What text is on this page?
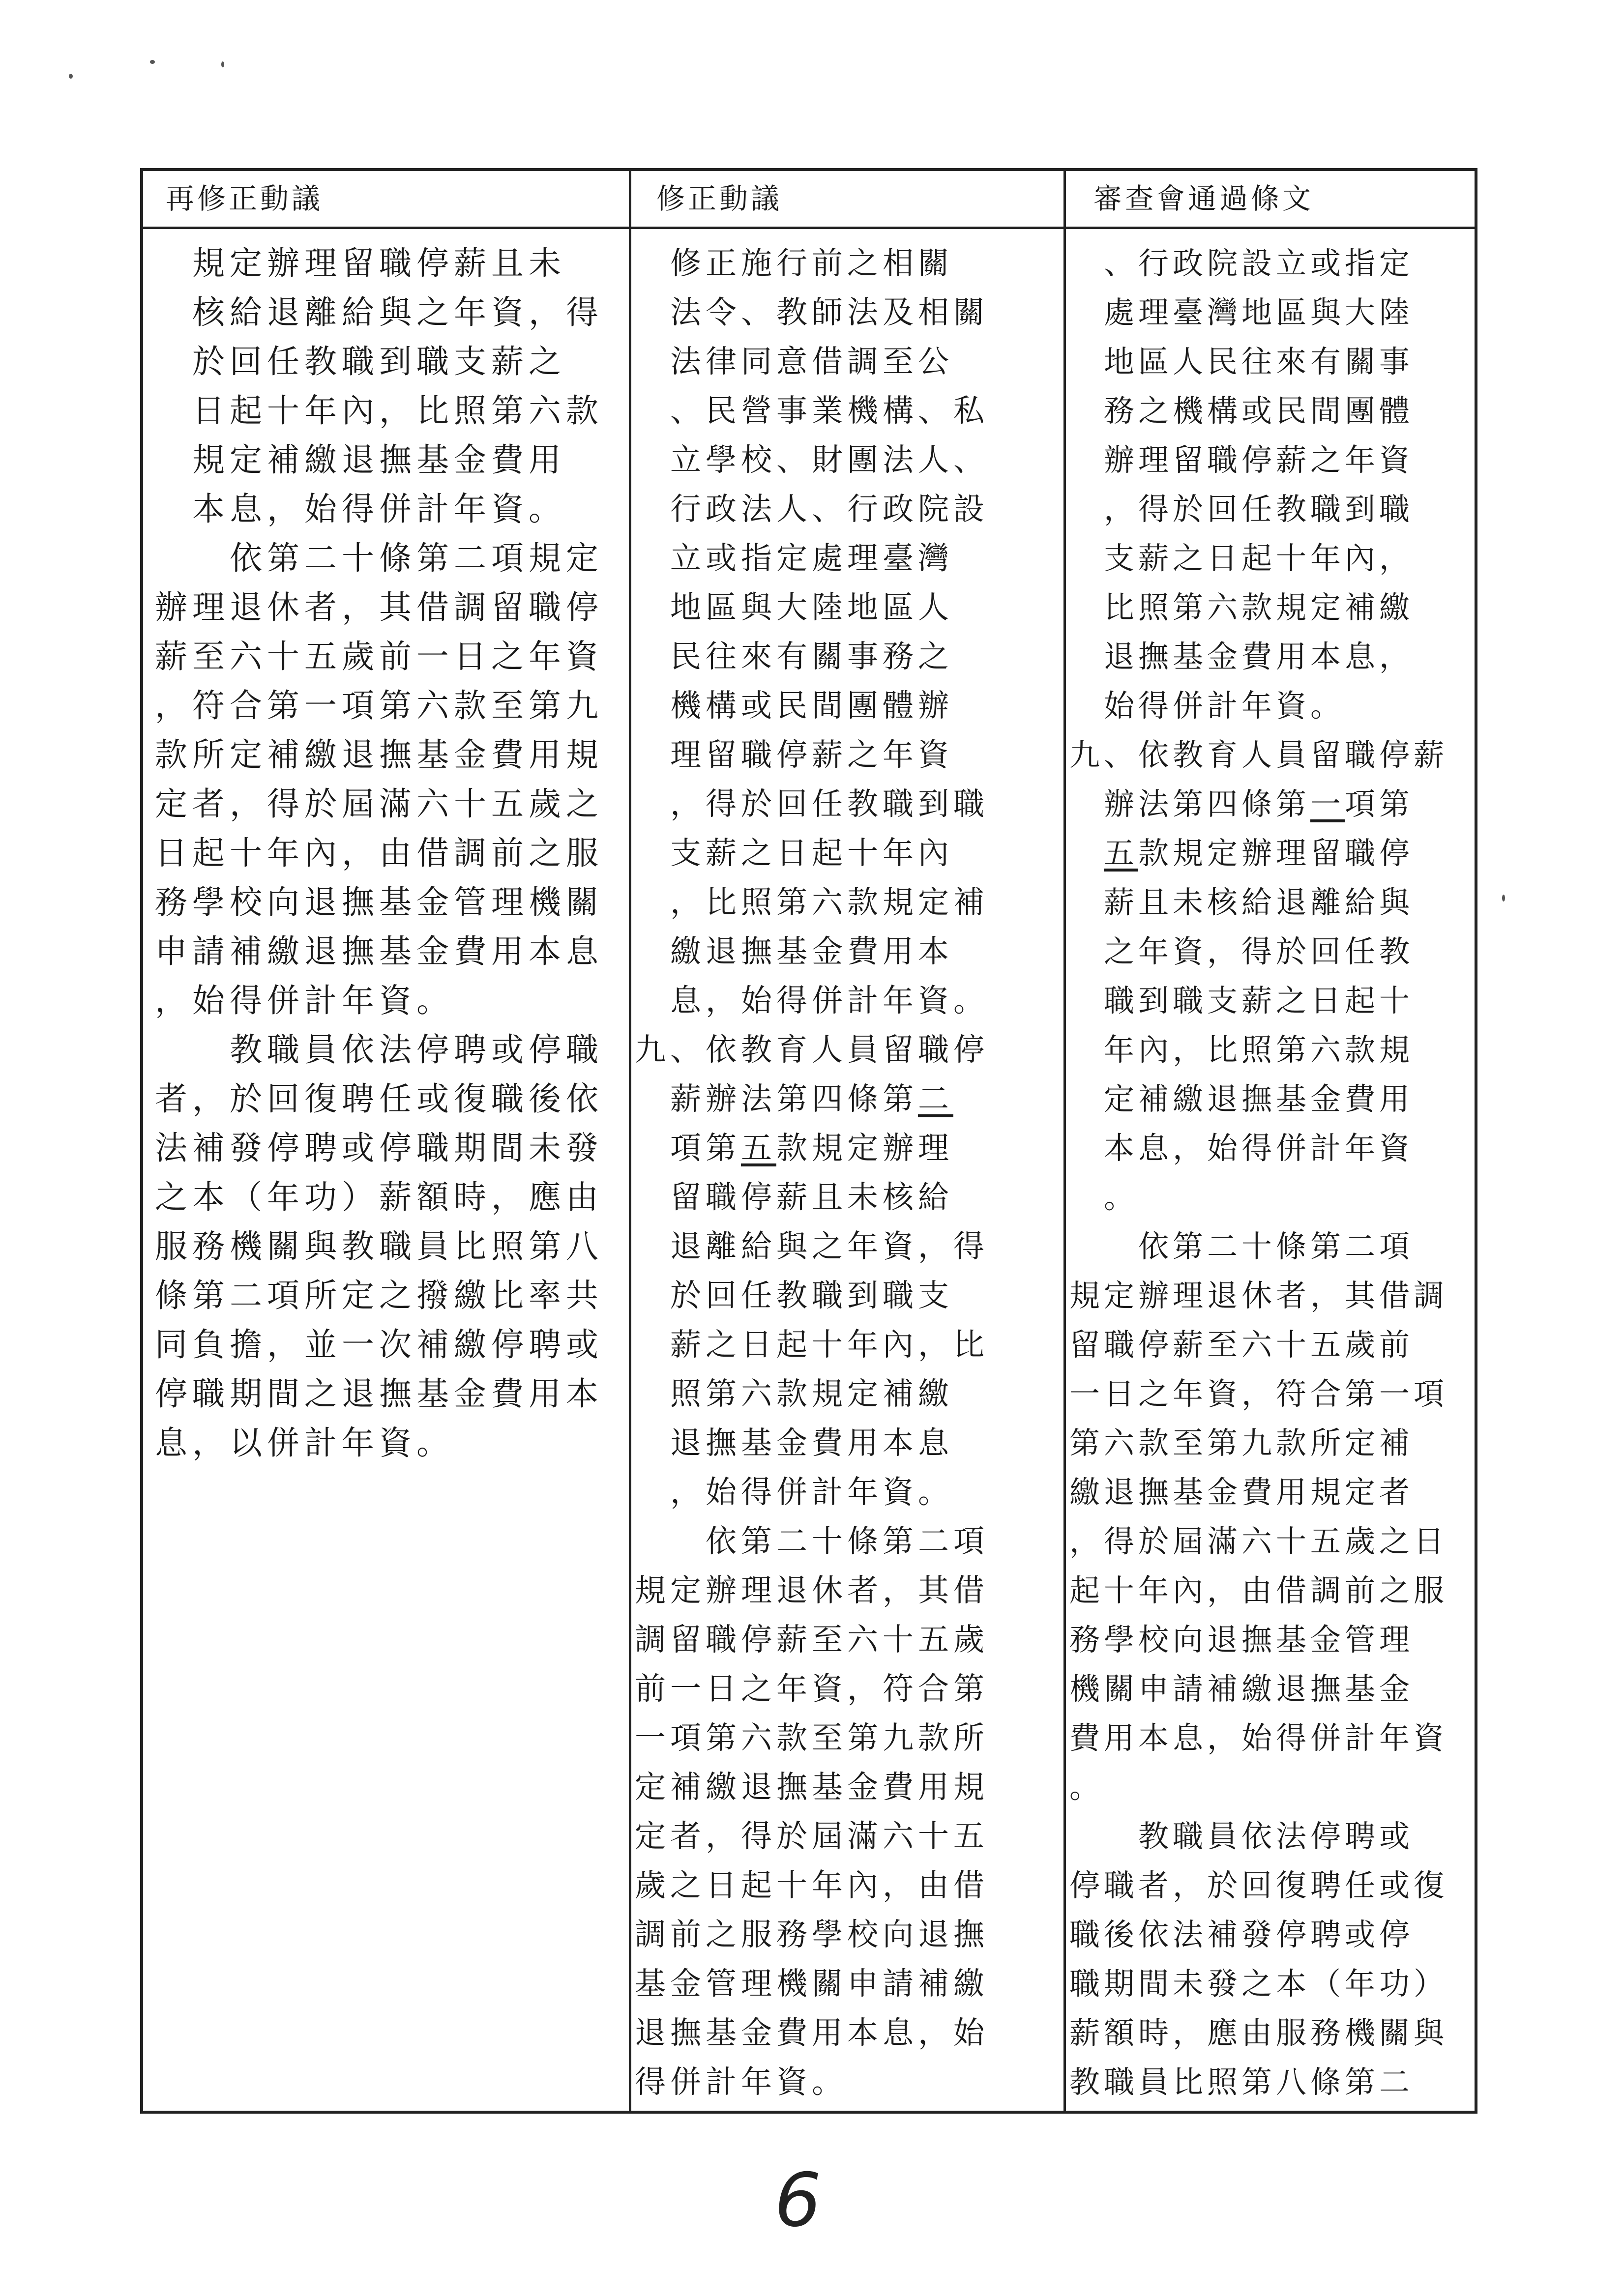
再修正動議	修正動議	審查會通過條文

　規定辦理留職停薪且未

　核給退離給與之年資，得

　於回任教職到職支薪之

　日起十年內，比照第六款

　規定補繳退撫基金費用

　本息，始得併計年資。

　　依第二十條第二項規定

辦理退休者，其借調留職停

薪至六十五歲前一日之年資

，符合第一項第六款至第九

款所定補繳退撫基金費用規

定者，得於屆滿六十五歲之

日起十年內，由借調前之服

務學校向退撫基金管理機關

申請補繳退撫基金費用本息

，始得併計年資。

　　教職員依法停聘或停職

者，於回復聘任或復職後依

法補發停聘或停職期間未發

之本（年功）薪額時，應由

服務機關與教職員比照第八

條第二項所定之撥繳比率共

同負擔，並一次補繳停聘或

停職期間之退撫基金費用本

息，以併計年資。

　修正施行前之相關

　法令、教師法及相關

　法律同意借調至公

　、民營事業機構、私

　立學校、財團法人、

　行政法人、行政院設

　立或指定處理臺灣

　地區與大陸地區人

　民往來有關事務之

　機構或民間團體辦

　理留職停薪之年資

　，得於回任教職到職

　支薪之日起十年內

　，比照第六款規定補

　繳退撫基金費用本

　息，始得併計年資。

九、依教育人員留職停

　薪辦法第四條第二

　項第五款規定辦理

　留職停薪且未核給

　退離給與之年資，得

　於回任教職到職支

　薪之日起十年內，比

　照第六款規定補繳

　退撫基金費用本息

　，始得併計年資。

　　依第二十條第二項

規定辦理退休者，其借

調留職停薪至六十五歲

前一日之年資，符合第

一項第六款至第九款所

定補繳退撫基金費用規

定者，得於屆滿六十五

歲之日起十年內，由借

調前之服務學校向退撫

基金管理機關申請補繳

退撫基金費用本息，始

得併計年資。

　、行政院設立或指定

　處理臺灣地區與大陸

　地區人民往來有關事

　務之機構或民間團體

　辦理留職停薪之年資

　，得於回任教職到職

　支薪之日起十年內，

　比照第六款規定補繳

　退撫基金費用本息，

　始得併計年資。

九、依教育人員留職停薪

　辦法第四條第一項第

　五款規定辦理留職停

　薪且未核給退離給與

　之年資，得於回任教

　職到職支薪之日起十

　年內，比照第六款規

　定補繳退撫基金費用

　本息，始得併計年資

　。

　　依第二十條第二項

規定辦理退休者，其借調

留職停薪至六十五歲前

一日之年資，符合第一項

第六款至第九款所定補

繳退撫基金費用規定者

，得於屆滿六十五歲之日

起十年內，由借調前之服

務學校向退撫基金管理

機關申請補繳退撫基金

費用本息，始得併計年資

。

　　教職員依法停聘或

停職者，於回復聘任或復

職後依法補發停聘或停

職期間未發之本（年功）

薪額時，應由服務機關與

教職員比照第八條第二

6
